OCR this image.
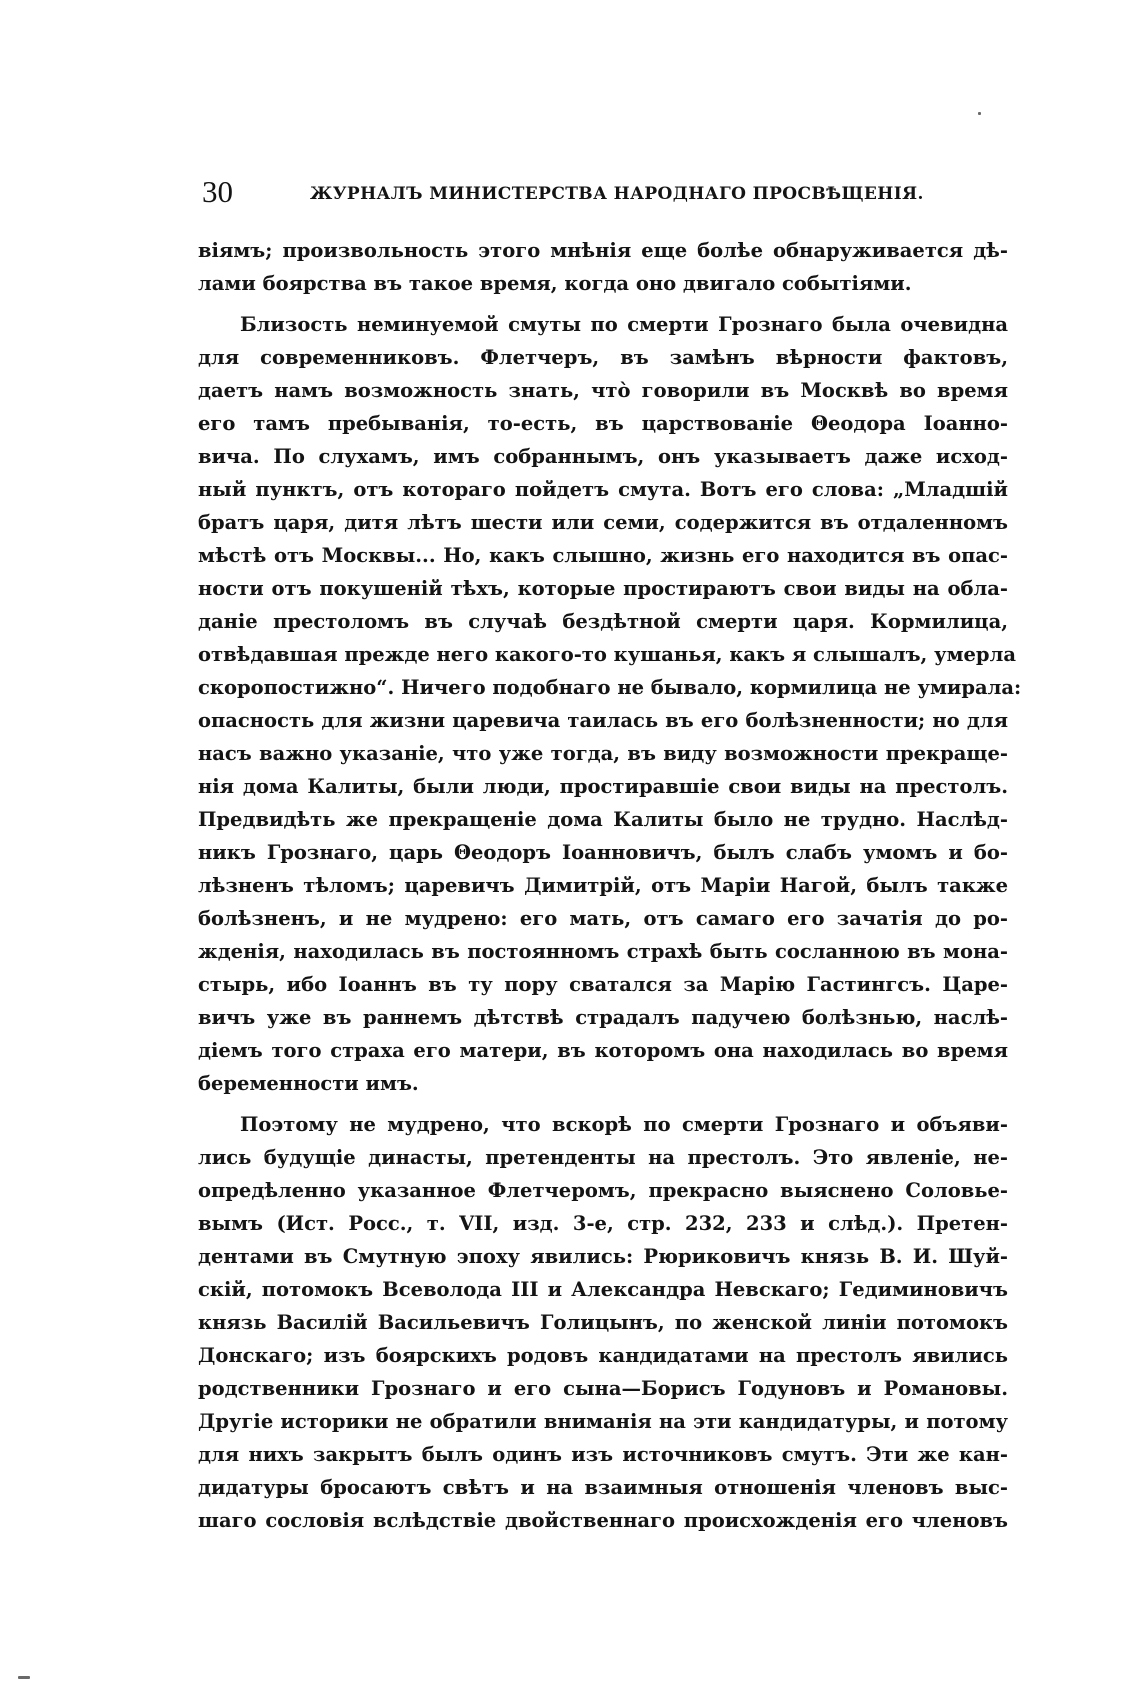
30	ЖУРНАЛЪ МИНИСТЕРСТВА НАРОДНАГО ПРОСВѢЩЕНІЯ.
віямъ; произвольность этого мнѣнія еще болѣе обнаруживается дѣ-
лами боярства въ такое время, когда оно двигало событіями.
Близость неминуемой смуты по смерти Грознаго была очевидна
для современниковъ. Флетчеръ, въ замѣнъ вѣрности фактовъ,
даетъ намъ возможность знать, что̀ говорили въ Москвѣ во время
его тамъ пребыванія, то-есть, въ царствованіе Θеодора Іоанно-
вича. По слухамъ, имъ собраннымъ, онъ указываетъ даже исход-
ный пунктъ, отъ котораго пойдетъ смута. Вотъ его слова: „Младшій
братъ царя, дитя лѣтъ шести или семи, содержится въ отдаленномъ
мѣстѣ отъ Москвы... Но, какъ слышно, жизнь его находится въ опас-
ности отъ покушеній тѣхъ, которые простираютъ свои виды на обла-
даніе престоломъ въ случаѣ бездѣтной смерти царя. Кормилица,
отвѣдавшая прежде него какого-то кушанья, какъ я слышалъ, умерла
скоропостижно“. Ничего подобнаго не бывало, кормилица не умирала:
опасность для жизни царевича таилась въ его болѣзненности; но для
насъ важно указаніе, что уже тогда, въ виду возможности прекраще-
нія дома Калиты, были люди, простиравшіе свои виды на престолъ.
Предвидѣть же прекращеніе дома Калиты было не трудно. Наслѣд-
никъ Грознаго, царь Θеодоръ Іоанновичъ, былъ слабъ умомъ и бо-
лѣзненъ тѣломъ; царевичъ Димитрій, отъ Маріи Нагой, былъ также
болѣзненъ, и не мудрено: его мать, отъ самаго его зачатія до ро-
жденія, находилась въ постоянномъ страхѣ быть сосланною въ мона-
стырь, ибо Іоаннъ въ ту пору сватался за Марію Гастингсъ. Царе-
вичъ уже въ раннемъ дѣтствѣ страдалъ падучею болѣзнью, наслѣ-
діемъ того страха его матери, въ которомъ она находилась во время
беременности имъ.
Поэтому не мудрено, что вскорѣ по смерти Грознаго и объяви-
лись будущіе династы, претенденты на престолъ. Это явленіе, не-
опредѣленно указанное Флетчеромъ, прекрасно выяснено Соловье-
вымъ (Ист. Росс., т. VII, изд. 3-е, стр. 232, 233 и слѣд.). Претен-
дентами въ Смутную эпоху явились: Рюриковичъ князь В. И. Шуй-
скій, потомокъ Всеволода III и Александра Невскаго; Гедиминовичъ
князь Василій Васильевичъ Голицынъ, по женской линіи потомокъ
Донскаго; изъ боярскихъ родовъ кандидатами на престолъ явились
родственники Грознаго и его сына—Борисъ Годуновъ и Романовы.
Другіе историки не обратили вниманія на эти кандидатуры, и потому
для нихъ закрытъ былъ одинъ изъ источниковъ смутъ. Эти же кан-
дидатуры бросаютъ свѣтъ и на взаимныя отношенія членовъ выс-
шаго сословія вслѣдствіе двойственнаго происхожденія его членовъ
